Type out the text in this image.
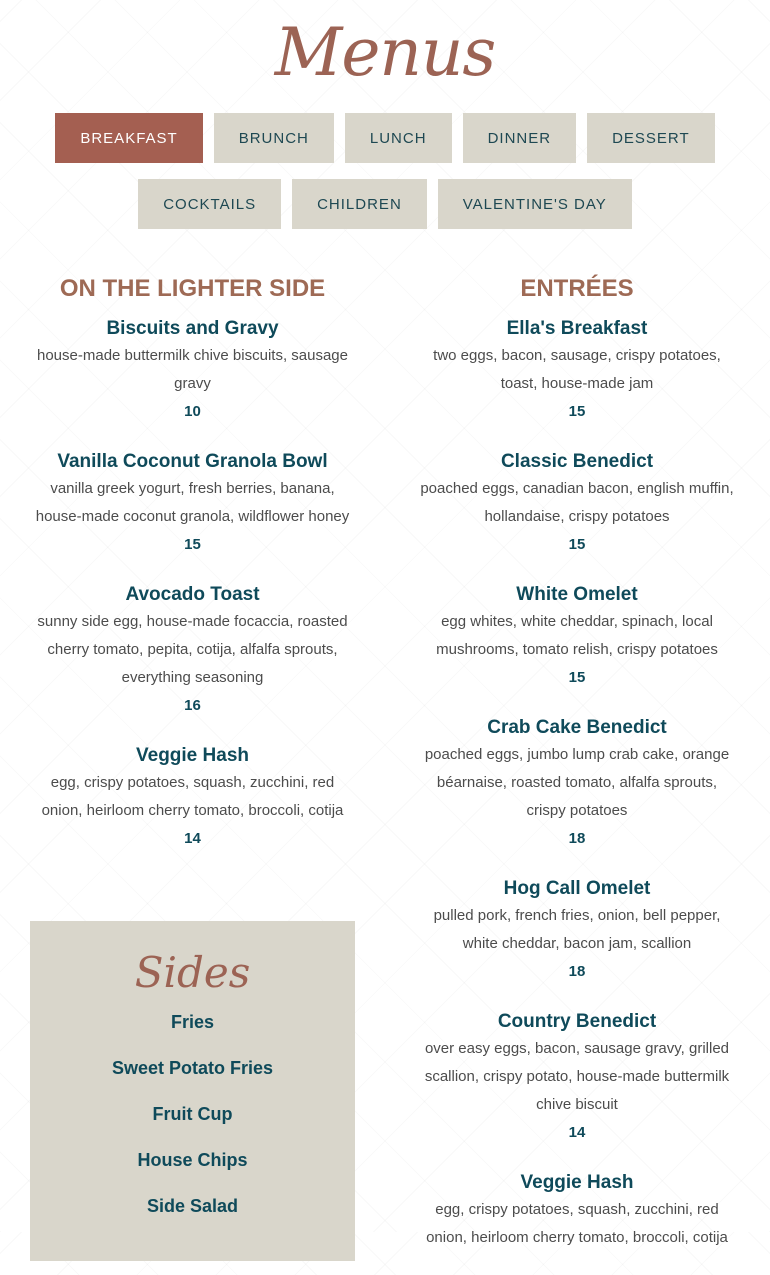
Menus
BREAKFAST	BRUNCH	LUNCH	DINNER	DESSERT
COCKTAILS	CHILDREN	VALENTINE'S DAY
ON THE LIGHTER SIDE
Biscuits and Gravy
house-made buttermilk chive biscuits, sausage gravy
10
Vanilla Coconut Granola Bowl
vanilla greek yogurt, fresh berries, banana, house-made coconut granola, wildflower honey
15
Avocado Toast
sunny side egg, house-made focaccia, roasted cherry tomato, pepita, cotija, alfalfa sprouts, everything seasoning
16
Veggie Hash
egg, crispy potatoes, squash, zucchini, red onion, heirloom cherry tomato, broccoli, cotija
14
ENTRÉES
Ella's Breakfast
two eggs, bacon, sausage, crispy potatoes, toast, house-made jam
15
Classic Benedict
poached eggs, canadian bacon, english muffin, hollandaise, crispy potatoes
15
White Omelet
egg whites, white cheddar, spinach, local mushrooms, tomato relish, crispy potatoes
15
Crab Cake Benedict
poached eggs, jumbo lump crab cake, orange béarnaise, roasted tomato, alfalfa sprouts, crispy potatoes
18
Hog Call Omelet
pulled pork, french fries, onion, bell pepper, white cheddar, bacon jam, scallion
18
Country Benedict
over easy eggs, bacon, sausage gravy, grilled scallion, crispy potato, house-made buttermilk chive biscuit
14
Veggie Hash
egg, crispy potatoes, squash, zucchini, red onion, heirloom cherry tomato, broccoli, cotija
Sides
Fries
Sweet Potato Fries
Fruit Cup
House Chips
Side Salad
